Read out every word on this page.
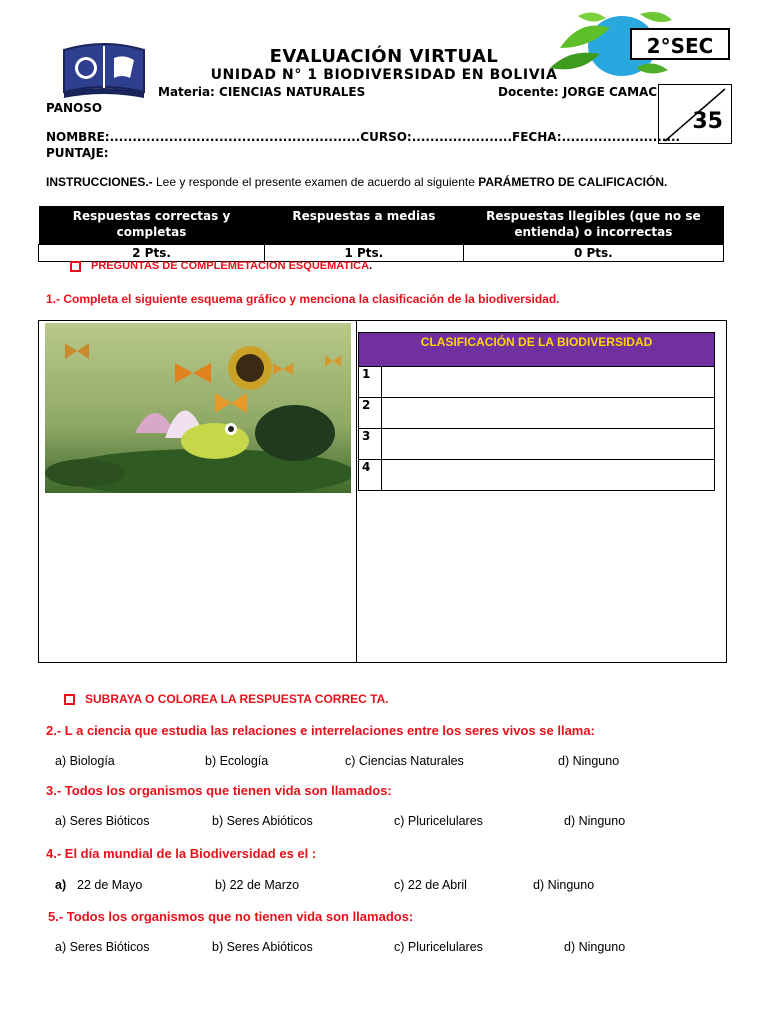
EVALUACIÓN VIRTUAL
UNIDAD N° 1 BIODIVERSIDAD EN BOLIVIA
Materia: CIENCIAS NATURALES	Docente: JORGE CAMAC
PANOSO
2°SEC
35
NOMBRE:.......................................................CURSO:......................FECHA:..........................
PUNTAJE:
INSTRUCCIONES.- Lee y responde el presente examen de acuerdo al siguiente PARÁMETRO DE CALIFICACIÓN.
Respuestas correctas y completas	Respuestas a medias	Respuestas llegibles (que no se entienda) o incorrectas
2 Pts.	1 Pts.	0 Pts.
PREGUNTAS DE COMPLEMETACION ESQUEMATICA.
1.- Completa el siguiente esquema gráfico y menciona la clasificación de la biodiversidad.
CLASIFICACIÓN DE LA BIODIVERSIDAD	
1	
2	
3	
4	
SUBRAYA O COLOREA LA RESPUESTA CORREC TA.
2.- L a ciencia que estudia las relaciones e interrelaciones entre los seres vivos se llama:
a) Biología	b) Ecología	c) Ciencias Naturales	d) Ninguno
3.- Todos los organismos que tienen vida son llamados:
a) Seres Bióticos	b) Seres Abióticos	c) Pluricelulares	d) Ninguno
4.- El día mundial de la Biodiversidad es el :
a) 22 de Mayo	b) 22 de Marzo	c) 22 de Abril	d) Ninguno
5.- Todos los organismos que no tienen vida son llamados:
a) Seres Bióticos	b) Seres Abióticos	c) Pluricelulares	d) Ninguno
